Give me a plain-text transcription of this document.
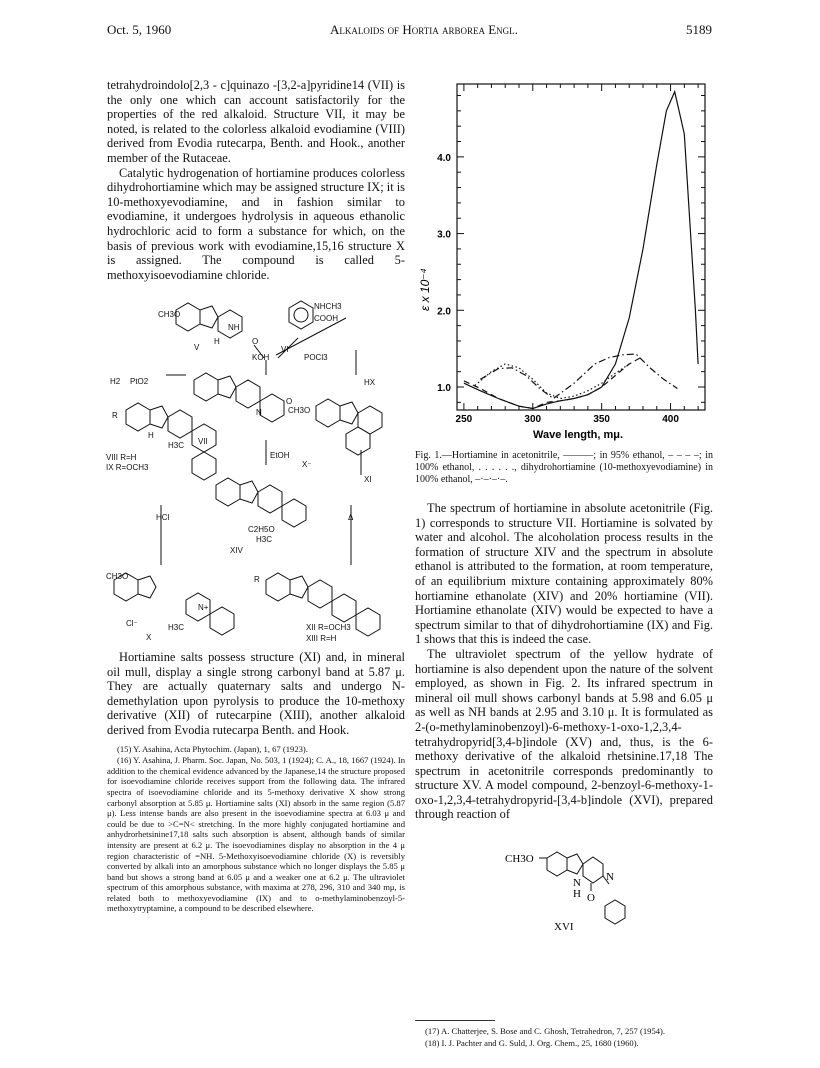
Oct. 5, 1960	Alkaloids of Hortia arborea Engl.	5189

tetrahydroindolo[2,3 - c]quinazo -[3,2-a]pyridine14 (VII) is the only one which can account satisfactorily for the properties of the red alkaloid. Structure VII, it may be noted, is related to the colorless alkaloid evodiamine (VIII) derived from Evodia rutecarpa, Benth. and Hook., another member of the Rutaceae.

Catalytic hydrogenation of hortiamine produces colorless dihydrohortiamine which may be assigned structure IX; it is 10-methoxyevodiamine, and in fashion similar to evodiamine, it undergoes hydrolysis in aqueous ethanolic hydrochloric acid to form a substance for which, on the basis of previous work with evodiamine,15,16 structure X is assigned. The compound is called 5-methoxyisoevodiamine chloride.

CH3O
NHCH3
COOH
V
H	O
VI
KOH	POCl3
H2 PtO2	HX
R
VII
N
O
CH3O
H
H3C
VIII R=H
IX R=OCH3
EtOH
X⁻
XI
HCl	Δ
C2H5O
H3C
XIV
CH3O
Cl⁻	H3C
X
R
XII R=OCH3
XIII R=H
N+
NH

Hortiamine salts possess structure (XI) and, in mineral oil mull, display a single strong carbonyl band at 5.87 μ. They are actually quaternary salts and undergo N-demethylation upon pyrolysis to produce the 10-methoxy derivative (XII) of rutecarpine (XIII), another alkaloid derived from Evodia rutecarpa Benth. and Hook.

(15) Y. Asahina, Acta Phytochim. (Japan), 1, 67 (1923).

(16) Y. Asahina, J. Pharm. Soc. Japan, No. 503, 1 (1924); C. A., 18, 1667 (1924). In addition to the chemical evidence advanced by the Japanese,14 the structure proposed for isoevodiamine chloride receives support from the following data. The infrared spectra of isoevodiamine chloride and its 5-methoxy derivative X show strong carbonyl absorption at 5.85 μ. Hortiamine salts (XI) absorb in the same region (5.87 μ). Less intense bands are also present in the isoevodiamine spectra at 6.03 μ and could be due to >C=N< stretching. In the more highly conjugated hortiamine and anhydrorhetsinine17,18 salts such absorption is absent, although bands of similar intensity are present at 6.2 μ. The isoevodiamines display no absorption in the 4 μ region characteristic of =NH. 5-Methoxyisoevodiamine chloride (X) is reversibly converted by alkali into an amorphous substance which no longer displays the 5.85 μ band but shows a strong band at 6.05 μ and a weaker one at 6.2 μ. The ultraviolet spectrum of this amorphous substance, with maxima at 278, 296, 310 and 340 mμ, is related both to methoxyevodiamine (IX) and to o-methylaminobenzoyl-5-methoxytryptamine, a compound to be described elsewhere.

1.0
2.0
3.0
4.0
250	300	350	400
ε x 10⁻⁴
Wave length, mμ.
Fig. 1.—Hortiamine in acetonitrile, ———; in 95% ethanol, – – – –; in 100% ethanol, . . . . . ., dihydrohortiamine (10-methoxyevodiamine) in 100% ethanol, –·–·–·–.

The spectrum of hortiamine in absolute acetonitrile (Fig. 1) corresponds to structure VII. Hortiamine is solvated by water and alcohol. The alcoholation process results in the formation of structure XIV and the spectrum in absolute ethanol is attributed to the formation, at room temperature, of an equilibrium mixture containing approximately 80% hortiamine ethanolate (XIV) and 20% hortiamine (VII). Hortiamine ethanolate (XIV) would be expected to have a spectrum similar to that of dihydrohortiamine (IX) and Fig. 1 shows that this is indeed the case.

The ultraviolet spectrum of the yellow hydrate of hortiamine is also dependent upon the nature of the solvent employed, as shown in Fig. 2. Its infrared spectrum in mineral oil mull shows carbonyl bands at 5.98 and 6.05 μ as well as NH bands at 2.95 and 3.10 μ. It is formulated as 2-(o-methylaminobenzoyl)-6-methoxy-1-oxo-1,2,3,4-tetrahydropyrid[3,4-b]indole (XV) and, thus, is the 6-methoxy derivative of the alkaloid rhetsinine.17,18 The spectrum in acetonitrile corresponds predominantly to structure XV. A model compound, 2-benzoyl-6-methoxy-1-oxo-1,2,3,4-tetrahydropyrid-[3,4-b]indole (XVI), prepared through reaction of

CH3O
N
H O
N
XVI

(17) A. Chatterjee, S. Bose and C. Ghosh, Tetrahedron, 7, 257 (1954).

(18) I. J. Pachter and G. Suld, J. Org. Chem., 25, 1680 (1960).
